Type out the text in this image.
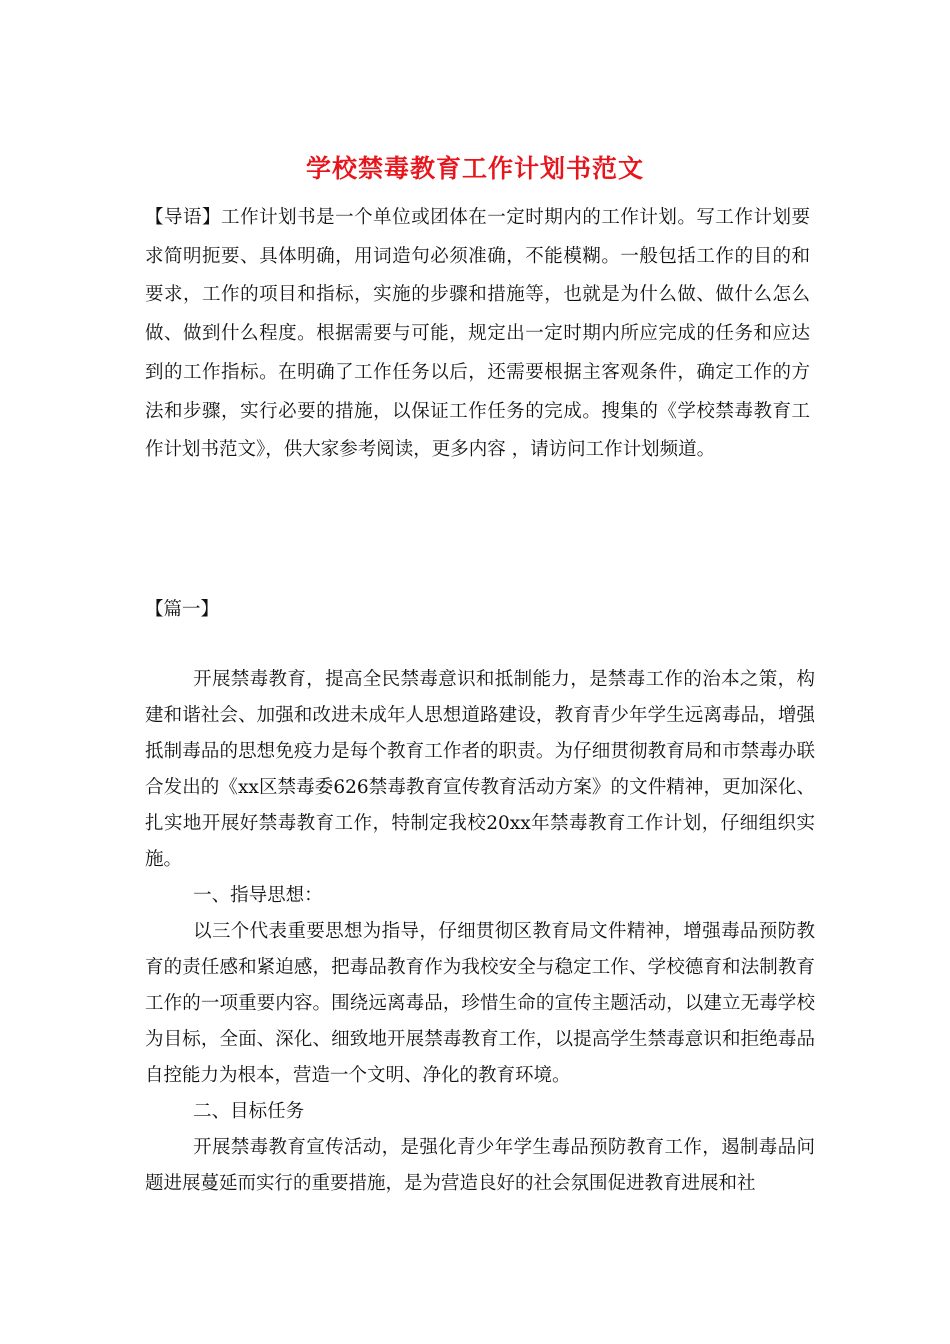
学校禁毒教育工作计划书范文
【导语】工作计划书是一个单位或团体在一定时期内的工作计划。写工作计划要求简明扼要、具体明确，用词造句必须准确，不能模糊。一般包括工作的目的和要求，工作的项目和指标，实施的步骤和措施等，也就是为什么做、做什么怎么做、做到什么程度。根据需要与可能，规定出一定时期内所应完成的任务和应达到的工作指标。在明确了工作任务以后，还需要根据主客观条件，确定工作的方法和步骤，实行必要的措施，以保证工作任务的完成。搜集的《学校禁毒教育工作计划书范文》，供大家参考阅读，更多内容 ，请访问工作计划频道。
【篇一】

开展禁毒教育，提高全民禁毒意识和抵制能力，是禁毒工作的治本之策，构建和谐社会、加强和改进未成年人思想道路建设，教育青少年学生远离毒品，增强抵制毒品的思想免疫力是每个教育工作者的职责。为仔细贯彻教育局和市禁毒办联合发出的《xx区禁毒委626禁毒教育宣传教育活动方案》的文件精神，更加深化、扎实地开展好禁毒教育工作，特制定我校20xx年禁毒教育工作计划，仔细组织实施。

一、指导思想：

以三个代表重要思想为指导，仔细贯彻区教育局文件精神，增强毒品预防教育的责任感和紧迫感，把毒品教育作为我校安全与稳定工作、学校德育和法制教育工作的一项重要内容。围绕远离毒品，珍惜生命的宣传主题活动，以建立无毒学校为目标，全面、深化、细致地开展禁毒教育工作，以提高学生禁毒意识和拒绝毒品自控能力为根本，营造一个文明、净化的教育环境。

二、目标任务

开展禁毒教育宣传活动，是强化青少年学生毒品预防教育工作，遏制毒品问题进展蔓延而实行的重要措施，是为营造良好的社会氛围促进教育进展和社
